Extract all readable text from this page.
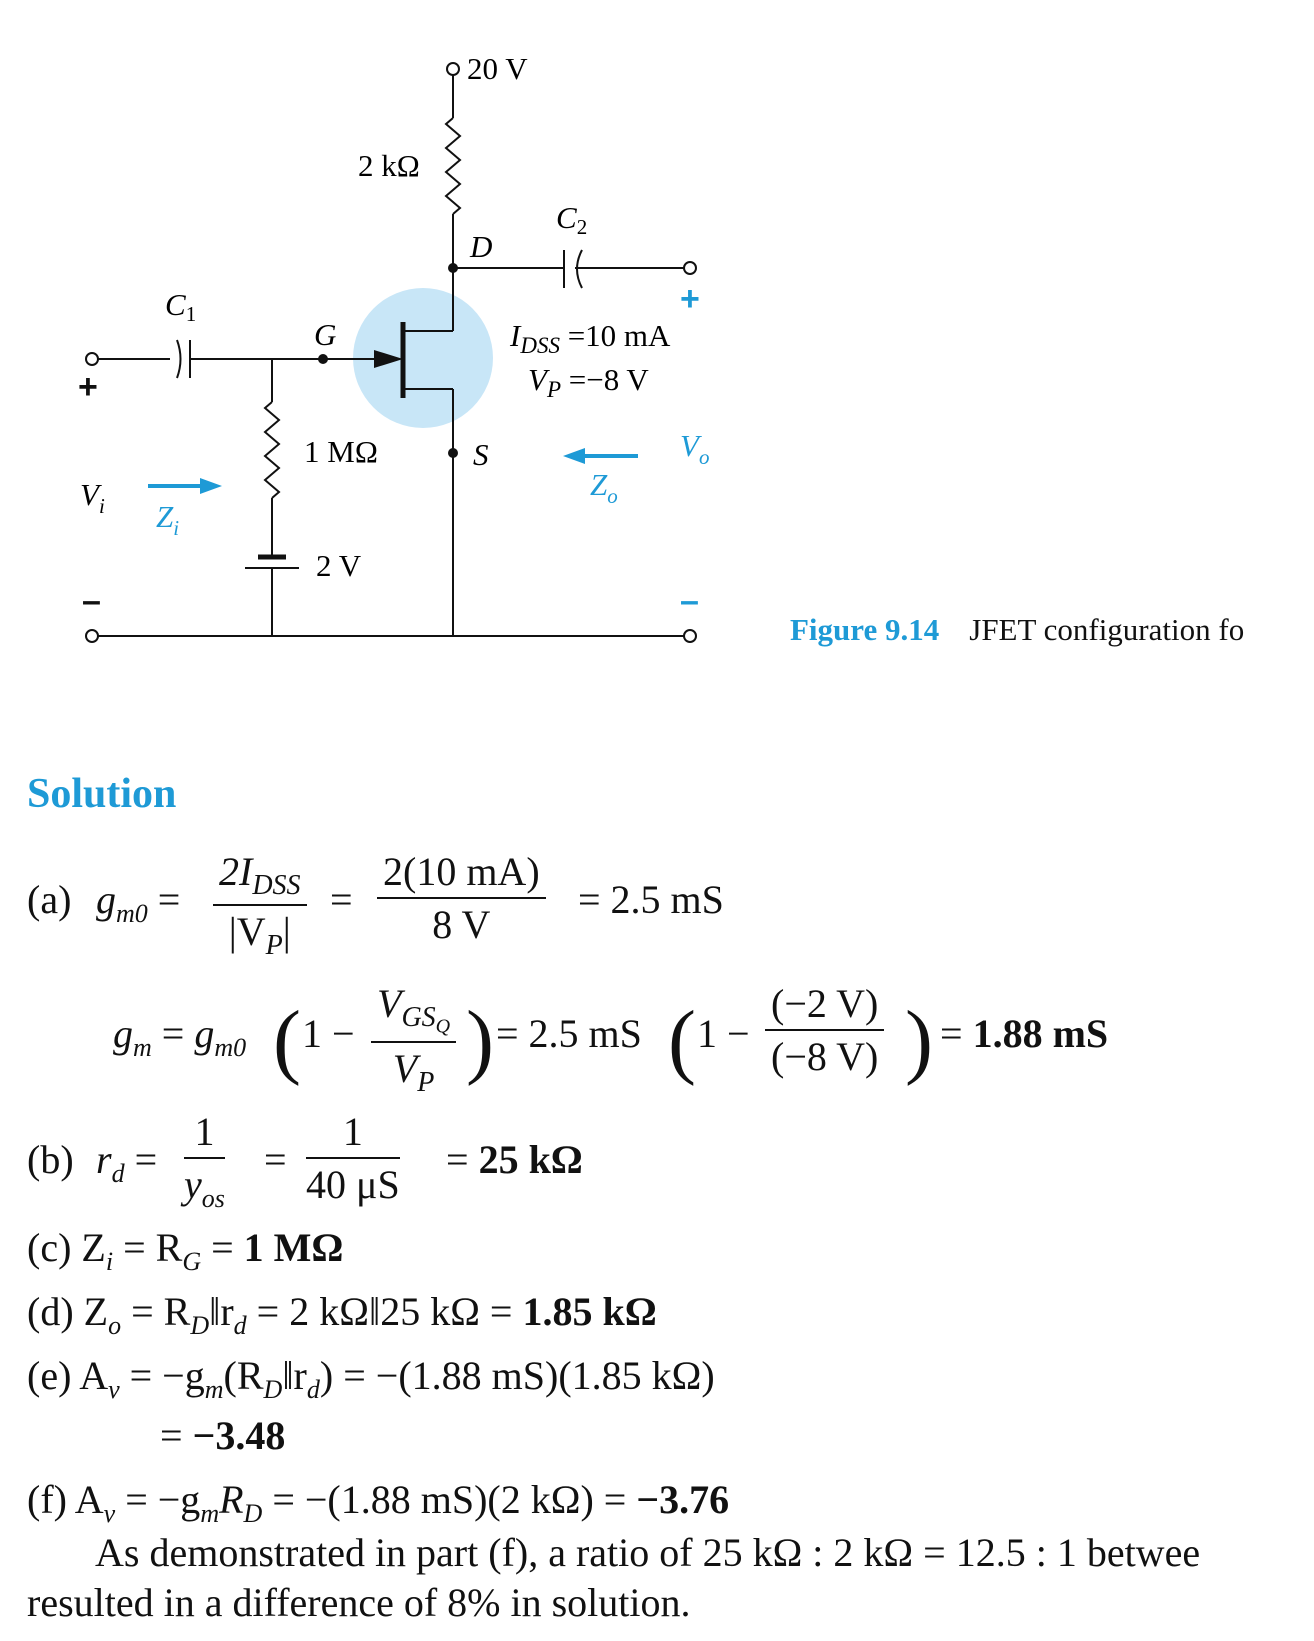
20 V
2 kΩ
C2
D
C1
G	$I_{DSS} =10$ mA
$V_P =-8$ V
1 MΩ	S
2 V
$V_i$ $Z_i$
$Z_o$
$V_o$
+
+
–	–
Figure 9.14 JFET configuration fo
Solution
(a) $g_{m0}$ =
$2I_{DSS}$
$|V_P|$
= $\frac{2(10 mA)}{8 V} = 2.5$ mS
$g_m = g_{m0}$ ( 1 −
$V_{GS_Q}$
$V_P$ ) = 2.5 mS ( $1 - \frac{(-2 V)}{(-8 V)}$ ) = 1.88 mS
(b) $r_d$ =
1
$y_{os}$
= $\frac{1}{40 \mu S} = 25$ kΩ
(c) $Z_i = R_G = 1$ MΩ
(d) $Z_o$ = $R_D‖r_d = 2$ kΩ‖25 kΩ = 1.85 kΩ
(e) $A_v$ = $-g_m(R_D‖r_d) = -(1.88$ mS)(1.85 kΩ)
= −3.48
(f) $A_v = -g_mR_D = -(1.88$ mS)(2 kΩ) = −3.76
As demonstrated in part (f), a ratio of 25 kΩ : 2 kΩ = 12.5 : 1 betwee
resulted in a difference of 8% in solution.
